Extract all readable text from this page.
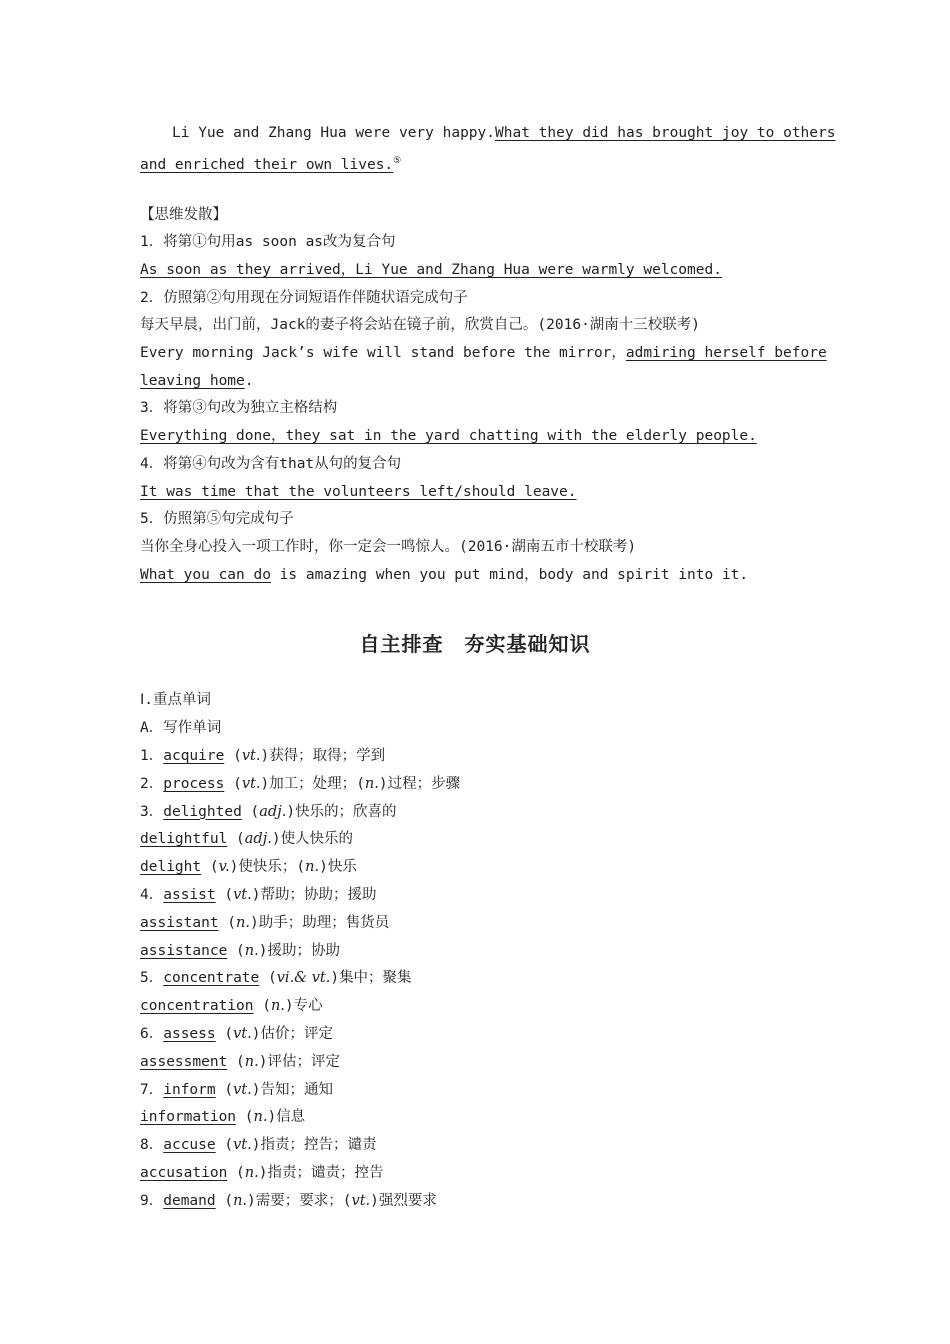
Li Yue and Zhang Hua were very happy.What they did has brought joy to others
and enriched their own lives.⑤
【思维发散】
1．将第①句用as soon as改为复合句
As soon as they arrived，Li Yue and Zhang Hua were warmly welcomed.
2．仿照第②句用现在分词短语作伴随状语完成句子
每天早晨，出门前，Jack的妻子将会站在镜子前，欣赏自己。(2016·湖南十三校联考)
Every morning Jack’s wife will stand before the mirror，admiring herself before
leaving home.
3．将第③句改为独立主格结构
Everything done，they sat in the yard chatting with the elderly people.
4．将第④句改为含有that从句的复合句
It was time that the volunteers left/should leave.
5．仿照第⑤句完成句子
当你全身心投入一项工作时，你一定会一鸣惊人。(2016·湖南五市十校联考)
What you can do is amazing when you put mind，body and spirit into it.
自主排查　夯实基础知识
Ⅰ.重点单词
A．写作单词
1．acquire (vt.)获得；取得；学到
2．process (vt.)加工；处理；(n.)过程；步骤
3．delighted (adj.)快乐的；欣喜的
delightful (adj.)使人快乐的
delight (v.)使快乐；(n.)快乐
4．assist (vt.)帮助；协助；援助
assistant (n.)助手；助理；售货员
assistance (n.)援助；协助
5．concentrate (vi.& vt.)集中；聚集
concentration (n.)专心
6．assess (vt.)估价；评定
assessment (n.)评估；评定
7．inform (vt.)告知；通知
information (n.)信息
8．accuse (vt.)指责；控告；谴责
accusation (n.)指责；谴责；控告
9．demand (n.)需要；要求；(vt.)强烈要求
